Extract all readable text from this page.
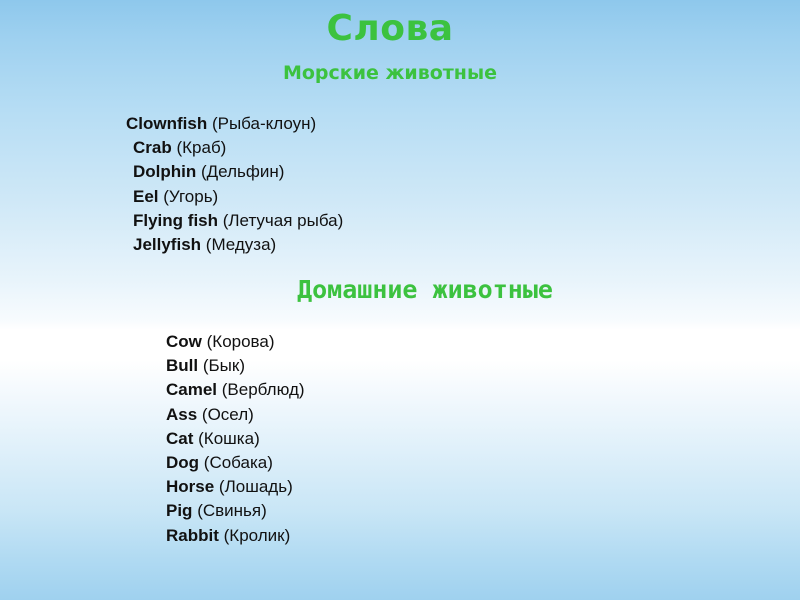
Слова
Морские животные
Clownfish (Рыба-клоун)
Crab (Краб)
Dolphin (Дельфин)
Eel (Угорь)
Flying fish (Летучая рыба)
Jellyfish (Медуза)
Домашние животные
Cow (Корова)
Bull (Бык)
Camel (Верблюд)
Ass (Осел)
Cat (Кошка)
Dog (Собака)
Horse (Лошадь)
Pig (Свинья)
Rabbit (Кролик)
